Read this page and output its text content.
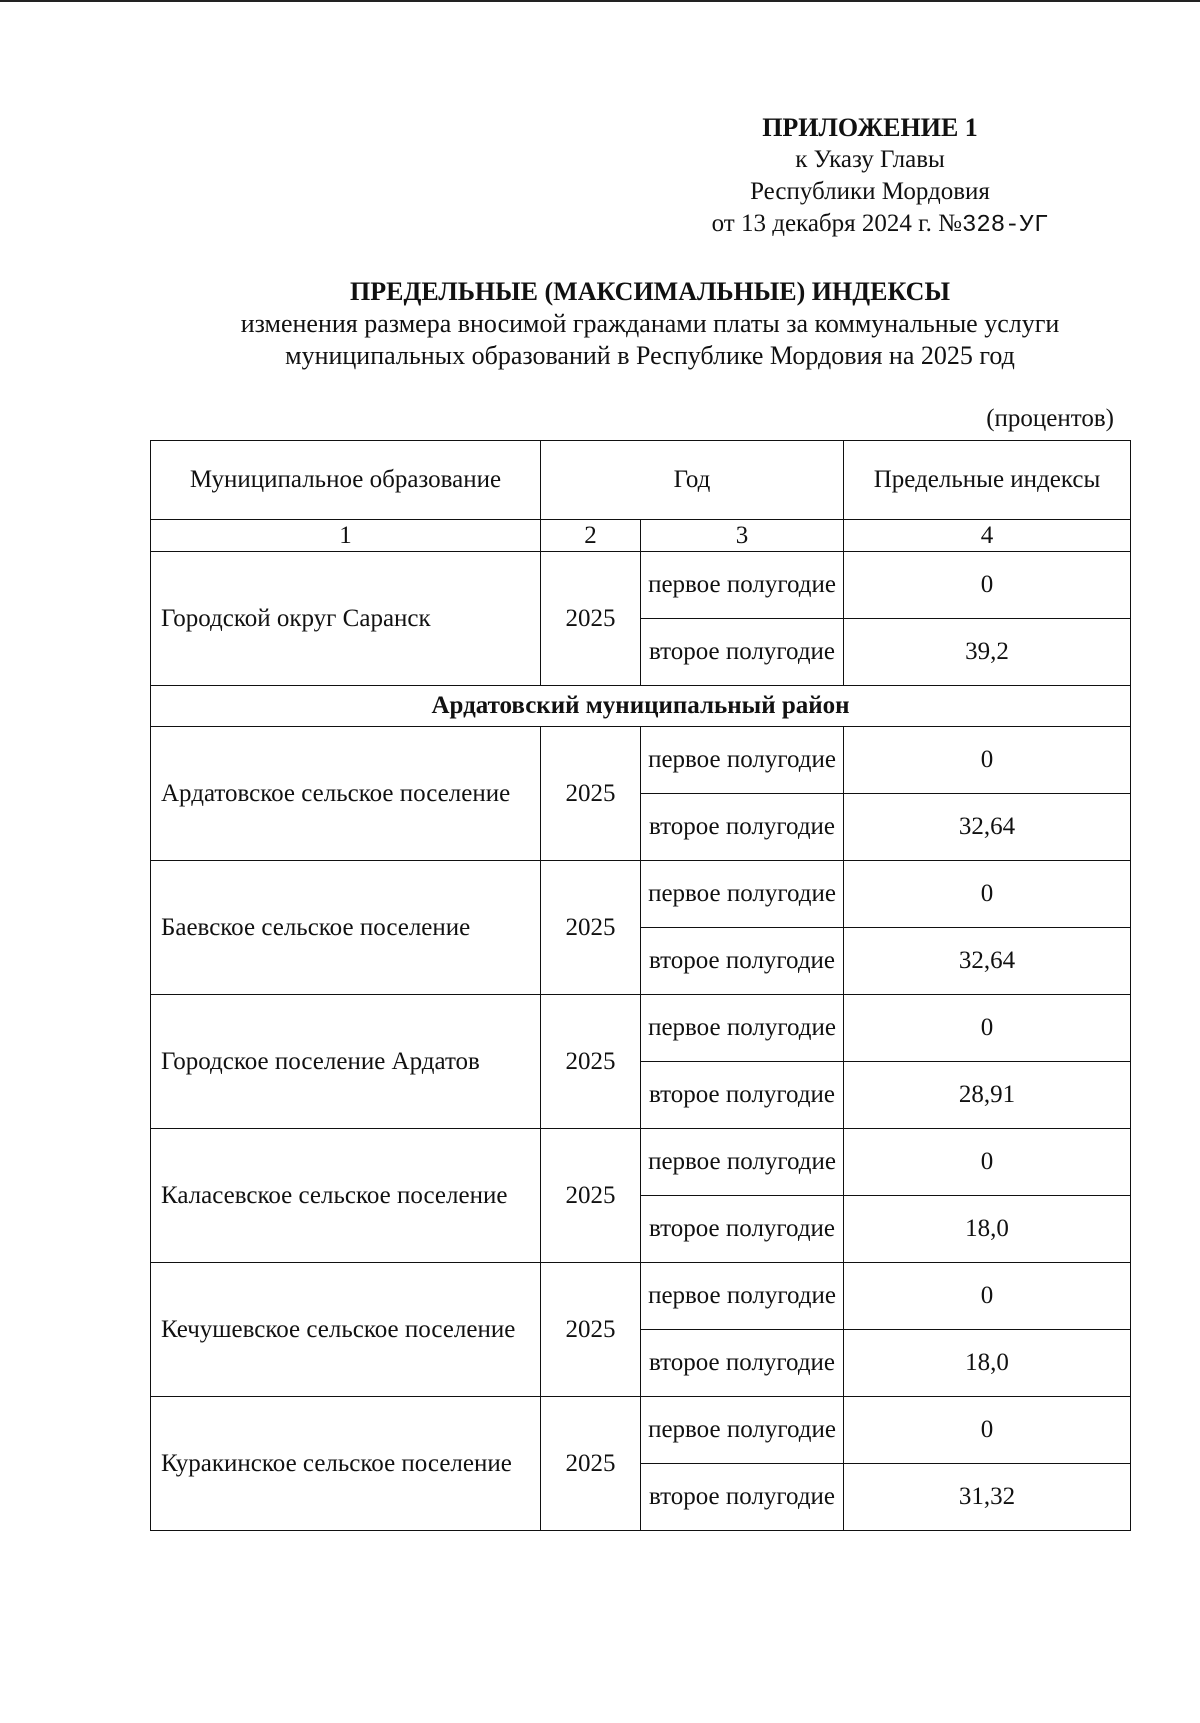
ПРИЛОЖЕНИЕ 1
к Указу Главы
Республики Мордовия
от 13 декабря 2024 г. №328-УГ
ПРЕДЕЛЬНЫЕ (МАКСИМАЛЬНЫЕ) ИНДЕКСЫ
изменения размера вносимой гражданами платы за коммунальные услуги
муниципальных образований в Республике Мордовия на 2025 год
(процентов)
Муниципальное образование	Год		Предельные индексы
1	2	3	4
Городской округ Саранск	2025	первое полугодие	0
		второе полугодие	39,2
Ардатовский муниципальный район			
Ардатовское сельское поселение	2025	первое полугодие	0
		второе полугодие	32,64
Баевское сельское поселение	2025	первое полугодие	0
		второе полугодие	32,64
Городское поселение Ардатов	2025	первое полугодие	0
		второе полугодие	28,91
Каласевское сельское поселение	2025	первое полугодие	0
		второе полугодие	18,0
Кечушевское сельское поселение	2025	первое полугодие	0
		второе полугодие	18,0
Куракинское сельское поселение	2025	первое полугодие	0
		второе полугодие	31,32
